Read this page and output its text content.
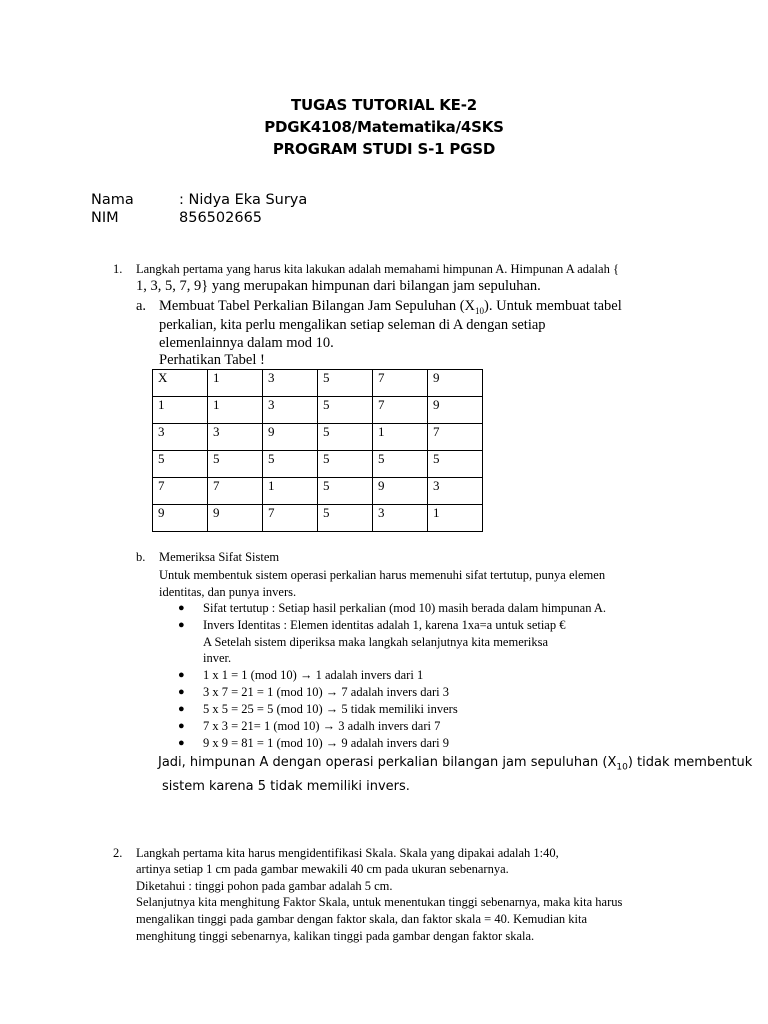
TUGAS TUTORIAL KE-2
PDGK4108/Matematika/4SKS
PROGRAM STUDI S-1 PGSD
Nama	: Nidya Eka Surya
NIM	856502665
1. Langkah pertama yang harus kita lakukan adalah memahami himpunan A. Himpunan A adalah {
1, 3, 5, 7, 9} yang merupakan himpunan dari bilangan jam sepuluhan.
a. Membuat Tabel Perkalian Bilangan Jam Sepuluhan $(X_{10})$. Untuk membuat tabel
perkalian, kita perlu mengalikan setiap seleman di A dengan setiap
elemenlainnya dalam mod 10.
Perhatikan Tabel !
X	1	3	5	7	9
1	1	3	5	7	9
3	3	9	5	1	7
5	5	5	5	5	5
7	7	1	5	9	3
9	9	7	5	3	1
b. Memeriksa Sifat Sistem
Untuk membentuk sistem operasi perkalian harus memenuhi sifat tertutup, punya elemen
identitas, dan punya invers.
● Sifat tertutup : Setiap hasil perkalian (mod 10) masih berada dalam himpunan A.
● Invers Identitas : Elemen identitas adalah 1, karena 1xa=a untuk setiap €
A Setelah sistem diperiksa maka langkah selanjutnya kita memeriksa
inver.
● 1 x 1 = 1 (mod 10) → 1 adalah invers dari 1
● 3 x 7 = 21 = 1 (mod 10) → 7 adalah invers dari 3
● 5 x 5 = 25 = 5 (mod 10) → 5 tidak memiliki invers
● 7 x 3 = 21= 1 (mod 10) → 3 adalh invers dari 7
● 9 x 9 = 81 = 1 (mod 10) → 9 adalah invers dari 9
Jadi, himpunan A dengan operasi perkalian bilangan jam sepuluhan $(X_{10})$ tidak membentuk
sistem karena 5 tidak memiliki invers.
2. Langkah pertama kita harus mengidentifikasi Skala. Skala yang dipakai adalah 1:40,
artinya setiap 1 cm pada gambar mewakili 40 cm pada ukuran sebenarnya.
Diketahui : tinggi pohon pada gambar adalah 5 cm.
Selanjutnya kita menghitung Faktor Skala, untuk menentukan tinggi sebenarnya, maka kita harus
mengalikan tinggi pada gambar dengan faktor skala, dan faktor skala = 40. Kemudian kita
menghitung tinggi sebenarnya, kalikan tinggi pada gambar dengan faktor skala.
